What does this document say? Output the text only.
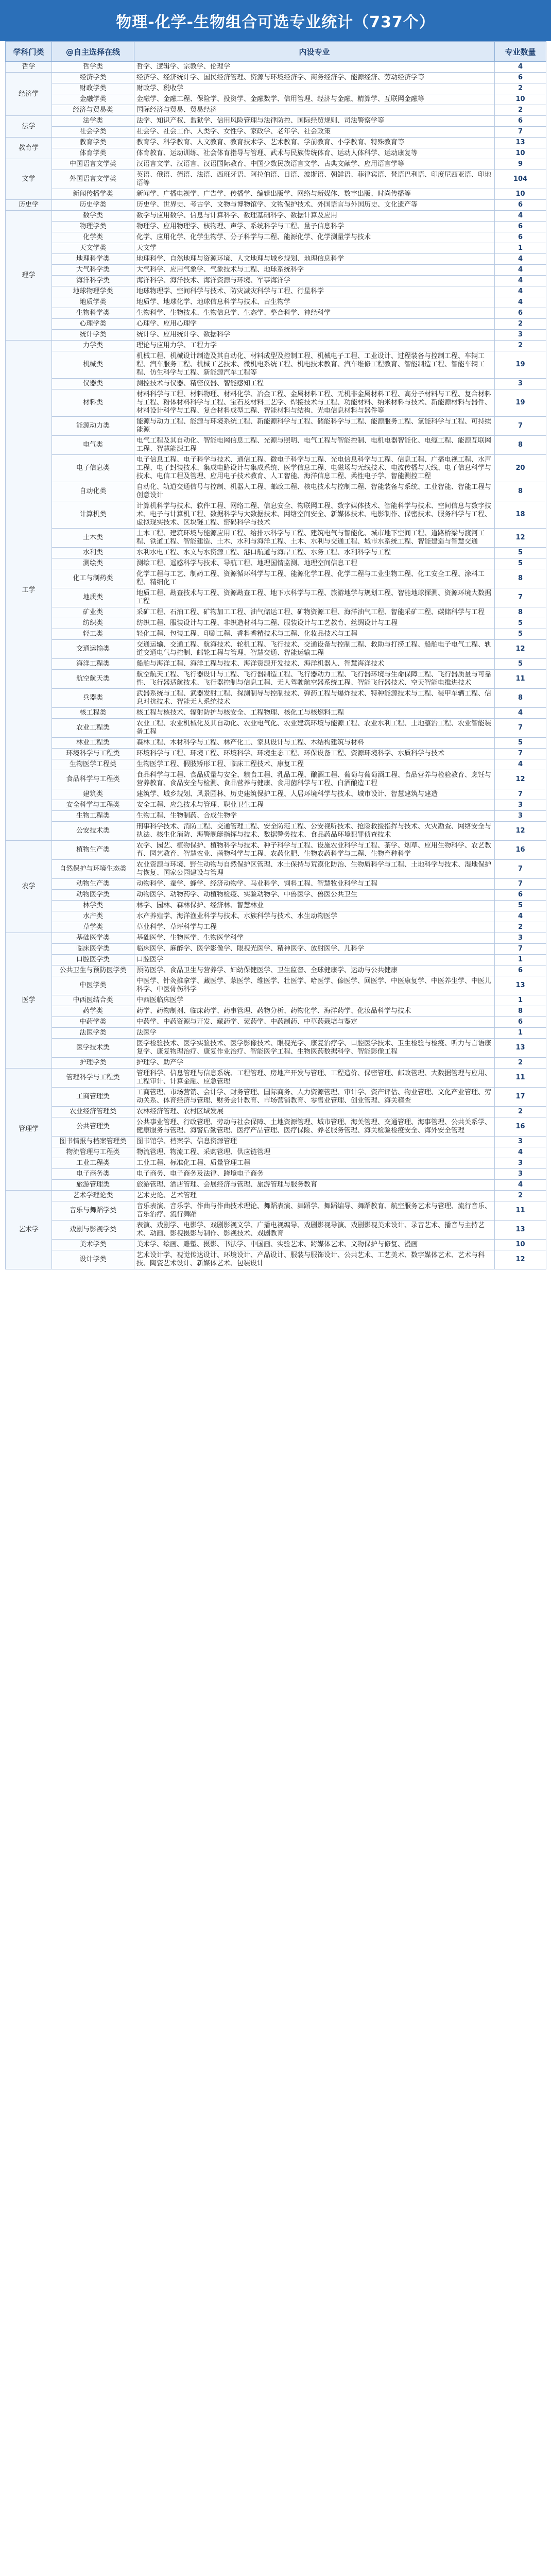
物理-化学-生物组合可选专业统计（737个）
学科门类	@自主选择在线	内设专业	专业数量
哲学	哲学类	哲学、逻辑学、宗教学、伦理学	4
经济学	经济学类	经济学、经济统计学、国民经济管理、资源与环境经济学、商务经济学、能源经济、劳动经济学等	6
	财政学类	财政学、税收学	2
	金融学类	金融学、金融工程、保险学、投资学、金融数学、信用管理、经济与金融、精算学、互联网金融等	10
	经济与贸易类	国际经济与贸易、贸易经济	2
法学	法学类	法学、知识产权、监狱学、信用风险管理与法律防控、国际经贸规则、司法警察学等	6
	社会学类	社会学、社会工作、人类学、女性学、家政学、老年学、社会政策	7
教育学	教育学类	教育学、科学教育、人文教育、教育技术学、艺术教育、学前教育、小学教育、特殊教育等	13
	体育学类	体育教育、运动训练、社会体育指导与管理、武术与民族传统体育、运动人体科学、运动康复等	10
文学	中国语言文学类	汉语言文学、汉语言、汉语国际教育、中国少数民族语言文学、古典文献学、应用语言学等	9
	外国语言文学类	英语、俄语、德语、法语、西班牙语、阿拉伯语、日语、波斯语、朝鲜语、菲律宾语、梵语巴利语、印度尼西亚语、印地语等	104
	新闻传播学类	新闻学、广播电视学、广告学、传播学、编辑出版学、网络与新媒体、数字出版、时尚传播等	10
历史学	历史学类	历史学、世界史、考古学、文物与博物馆学、文物保护技术、外国语言与外国历史、文化遗产等	6
理学	数学类	数学与应用数学、信息与计算科学、数理基础科学、数据计算及应用	4
	物理学类	物理学、应用物理学、核物理、声学、系统科学与工程、量子信息科学	6
	化学类	化学、应用化学、化学生物学、分子科学与工程、能源化学、化学测量学与技术	6
	天文学类	天文学	1
	地理科学类	地理科学、自然地理与资源环境、人文地理与城乡规划、地理信息科学	4
	大气科学类	大气科学、应用气象学、气象技术与工程、地球系统科学	4
	海洋科学类	海洋科学、海洋技术、海洋资源与环境、军事海洋学	4
	地球物理学类	地球物理学、空间科学与技术、防灾减灾科学与工程、行星科学	4
	地质学类	地质学、地球化学、地球信息科学与技术、古生物学	4
	生物科学类	生物科学、生物技术、生物信息学、生态学、整合科学、神经科学	6
	心理学类	心理学、应用心理学	2
	统计学类	统计学、应用统计学、数据科学	3
工学	力学类	理论与应用力学、工程力学	2
	机械类	机械工程、机械设计制造及其自动化、材料成型及控制工程、机械电子工程、工业设计、过程装备与控制工程、车辆工程、汽车服务工程、机械工艺技术、微机电系统工程、机电技术教育、汽车维修工程教育、智能制造工程、智能车辆工程、仿生科学与工程、新能源汽车工程等	19
	仪器类	测控技术与仪器、精密仪器、智能感知工程	3
	材料类	材料科学与工程、材料物理、材料化学、冶金工程、金属材料工程、无机非金属材料工程、高分子材料与工程、复合材料与工程、粉体材料科学与工程、宝石及材料工艺学、焊接技术与工程、功能材料、纳米材料与技术、新能源材料与器件、材料设计科学与工程、复合材料成型工程、智能材料与结构、光电信息材料与器件等	19
	能源动力类	能源与动力工程、能源与环境系统工程、新能源科学与工程、储能科学与工程、能源服务工程、氢能科学与工程、可持续能源	7
	电气类	电气工程及其自动化、智能电网信息工程、光源与照明、电气工程与智能控制、电机电器智能化、电缆工程、能源互联网工程、智慧能源工程	8
	电子信息类	电子信息工程、电子科学与技术、通信工程、微电子科学与工程、光电信息科学与工程、信息工程、广播电视工程、水声工程、电子封装技术、集成电路设计与集成系统、医学信息工程、电磁场与无线技术、电波传播与天线、电子信息科学与技术、电信工程及管理、应用电子技术教育、人工智能、海洋信息工程、柔性电子学、智能测控工程	20
	自动化类	自动化、轨道交通信号与控制、机器人工程、邮政工程、核电技术与控制工程、智能装备与系统、工业智能、智能工程与创意设计	8
	计算机类	计算机科学与技术、软件工程、网络工程、信息安全、物联网工程、数字媒体技术、智能科学与技术、空间信息与数字技术、电子与计算机工程、数据科学与大数据技术、网络空间安全、新媒体技术、电影制作、保密技术、服务科学与工程、虚拟现实技术、区块链工程、密码科学与技术	18
	土木类	土木工程、建筑环境与能源应用工程、给排水科学与工程、建筑电气与智能化、城市地下空间工程、道路桥梁与渡河工程、铁道工程、智能建造、土木、水利与海洋工程、土木、水利与交通工程、城市水系统工程、智能建造与智慧交通	12
	水利类	水利水电工程、水文与水资源工程、港口航道与海岸工程、水务工程、水利科学与工程	5
	测绘类	测绘工程、遥感科学与技术、导航工程、地理国情监测、地理空间信息工程	5
	化工与制药类	化学工程与工艺、制药工程、资源循环科学与工程、能源化学工程、化学工程与工业生物工程、化工安全工程、涂料工程、精细化工	8
	地质类	地质工程、勘查技术与工程、资源勘查工程、地下水科学与工程、旅游地学与规划工程、智能地球探测、资源环境大数据工程	7
	矿业类	采矿工程、石油工程、矿物加工工程、油气储运工程、矿物资源工程、海洋油气工程、智能采矿工程、碳储科学与工程	8
	纺织类	纺织工程、服装设计与工程、非织造材料与工程、服装设计与工艺教育、丝绸设计与工程	5
	轻工类	轻化工程、包装工程、印刷工程、香料香精技术与工程、化妆品技术与工程	5
	交通运输类	交通运输、交通工程、航海技术、轮机工程、飞行技术、交通设备与控制工程、救助与打捞工程、船舶电子电气工程、轨道交通电气与控制、邮轮工程与管理、智慧交通、智能运输工程	12
	海洋工程类	船舶与海洋工程、海洋工程与技术、海洋资源开发技术、海洋机器人、智慧海洋技术	5
	航空航天类	航空航天工程、飞行器设计与工程、飞行器制造工程、飞行器动力工程、飞行器环境与生命保障工程、飞行器质量与可靠性、飞行器适航技术、飞行器控制与信息工程、无人驾驶航空器系统工程、智能飞行器技术、空天智能电推进技术	11
	兵器类	武器系统与工程、武器发射工程、探测制导与控制技术、弹药工程与爆炸技术、特种能源技术与工程、装甲车辆工程、信息对抗技术、智能无人系统技术	8
	核工程类	核工程与核技术、辐射防护与核安全、工程物理、核化工与核燃料工程	4
	农业工程类	农业工程、农业机械化及其自动化、农业电气化、农业建筑环境与能源工程、农业水利工程、土地整治工程、农业智能装备工程	7
	林业工程类	森林工程、木材科学与工程、林产化工、家具设计与工程、木结构建筑与材料	5
	环境科学与工程类	环境科学与工程、环境工程、环境科学、环境生态工程、环保设备工程、资源环境科学、水质科学与技术	7
	生物医学工程类	生物医学工程、假肢矫形工程、临床工程技术、康复工程	4
	食品科学与工程类	食品科学与工程、食品质量与安全、粮食工程、乳品工程、酿酒工程、葡萄与葡萄酒工程、食品营养与检验教育、烹饪与营养教育、食品安全与检测、食品营养与健康、食用菌科学与工程、白酒酿造工程	12
	建筑类	建筑学、城乡规划、风景园林、历史建筑保护工程、人居环境科学与技术、城市设计、智慧建筑与建造	7
	安全科学与工程类	安全工程、应急技术与管理、职业卫生工程	3
	生物工程类	生物工程、生物制药、合成生物学	3
	公安技术类	刑事科学技术、消防工程、交通管理工程、安全防范工程、公安视听技术、抢险救援指挥与技术、火灾勘查、网络安全与执法、核生化消防、海警舰艇指挥与技术、数据警务技术、食品药品环境犯罪侦查技术	12
农学	植物生产类	农学、园艺、植物保护、植物科学与技术、种子科学与工程、设施农业科学与工程、茶学、烟草、应用生物科学、农艺教育、园艺教育、智慧农业、菌物科学与工程、农药化肥、生物农药科学与工程、生物育种科学	16
	自然保护与环境生态类	农业资源与环境、野生动物与自然保护区管理、水土保持与荒漠化防治、生物质科学与工程、土地科学与技术、湿地保护与恢复、国家公园建设与管理	7
	动物生产类	动物科学、蚕学、蜂学、经济动物学、马业科学、饲料工程、智慧牧业科学与工程	7
	动物医学类	动物医学、动物药学、动植物检疫、实验动物学、中兽医学、兽医公共卫生	6
	林学类	林学、园林、森林保护、经济林、智慧林业	5
	水产类	水产养殖学、海洋渔业科学与技术、水族科学与技术、水生动物医学	4
	草学类	草业科学、草坪科学与工程	2
医学	基础医学类	基础医学、生物医学、生物医学科学	3
	临床医学类	临床医学、麻醉学、医学影像学、眼视光医学、精神医学、放射医学、儿科学	7
	口腔医学类	口腔医学	1
	公共卫生与预防医学类	预防医学、食品卫生与营养学、妇幼保健医学、卫生监督、全球健康学、运动与公共健康	6
	中医学类	中医学、针灸推拿学、藏医学、蒙医学、维医学、壮医学、哈医学、傣医学、回医学、中医康复学、中医养生学、中医儿科学、中医骨伤科学	13
	中西医结合类	中西医临床医学	1
	药学类	药学、药物制剂、临床药学、药事管理、药物分析、药物化学、海洋药学、化妆品科学与技术	8
	中药学类	中药学、中药资源与开发、藏药学、蒙药学、中药制药、中草药栽培与鉴定	6
	法医学类	法医学	1
	医学技术类	医学检验技术、医学实验技术、医学影像技术、眼视光学、康复治疗学、口腔医学技术、卫生检验与检疫、听力与言语康复学、康复物理治疗、康复作业治疗、智能医学工程、生物医药数据科学、智能影像工程	13
	护理学类	护理学、助产学	2
管理学	管理科学与工程类	管理科学、信息管理与信息系统、工程管理、房地产开发与管理、工程造价、保密管理、邮政管理、大数据管理与应用、工程审计、计算金融、应急管理	11
	工商管理类	工商管理、市场营销、会计学、财务管理、国际商务、人力资源管理、审计学、资产评估、物业管理、文化产业管理、劳动关系、体育经济与管理、财务会计教育、市场营销教育、零售业管理、创业管理、海关稽查	17
	农业经济管理类	农林经济管理、农村区域发展	2
	公共管理类	公共事业管理、行政管理、劳动与社会保障、土地资源管理、城市管理、海关管理、交通管理、海事管理、公共关系学、健康服务与管理、海警后勤管理、医疗产品管理、医疗保险、养老服务管理、海关检验检疫安全、海外安全管理	16
	图书情报与档案管理类	图书馆学、档案学、信息资源管理	3
	物流管理与工程类	物流管理、物流工程、采购管理、供应链管理	4
	工业工程类	工业工程、标准化工程、质量管理工程	3
	电子商务类	电子商务、电子商务及法律、跨境电子商务	3
	旅游管理类	旅游管理、酒店管理、会展经济与管理、旅游管理与服务教育	4
艺术学	艺术学理论类	艺术史论、艺术管理	2
	音乐与舞蹈学类	音乐表演、音乐学、作曲与作曲技术理论、舞蹈表演、舞蹈学、舞蹈编导、舞蹈教育、航空服务艺术与管理、流行音乐、音乐治疗、流行舞蹈	11
	戏剧与影视学类	表演、戏剧学、电影学、戏剧影视文学、广播电视编导、戏剧影视导演、戏剧影视美术设计、录音艺术、播音与主持艺术、动画、影视摄影与制作、影视技术、戏剧教育	13
	美术学类	美术学、绘画、雕塑、摄影、书法学、中国画、实验艺术、跨媒体艺术、文物保护与修复、漫画	10
	设计学类	艺术设计学、视觉传达设计、环境设计、产品设计、服装与服饰设计、公共艺术、工艺美术、数字媒体艺术、艺术与科技、陶瓷艺术设计、新媒体艺术、包装设计	12
